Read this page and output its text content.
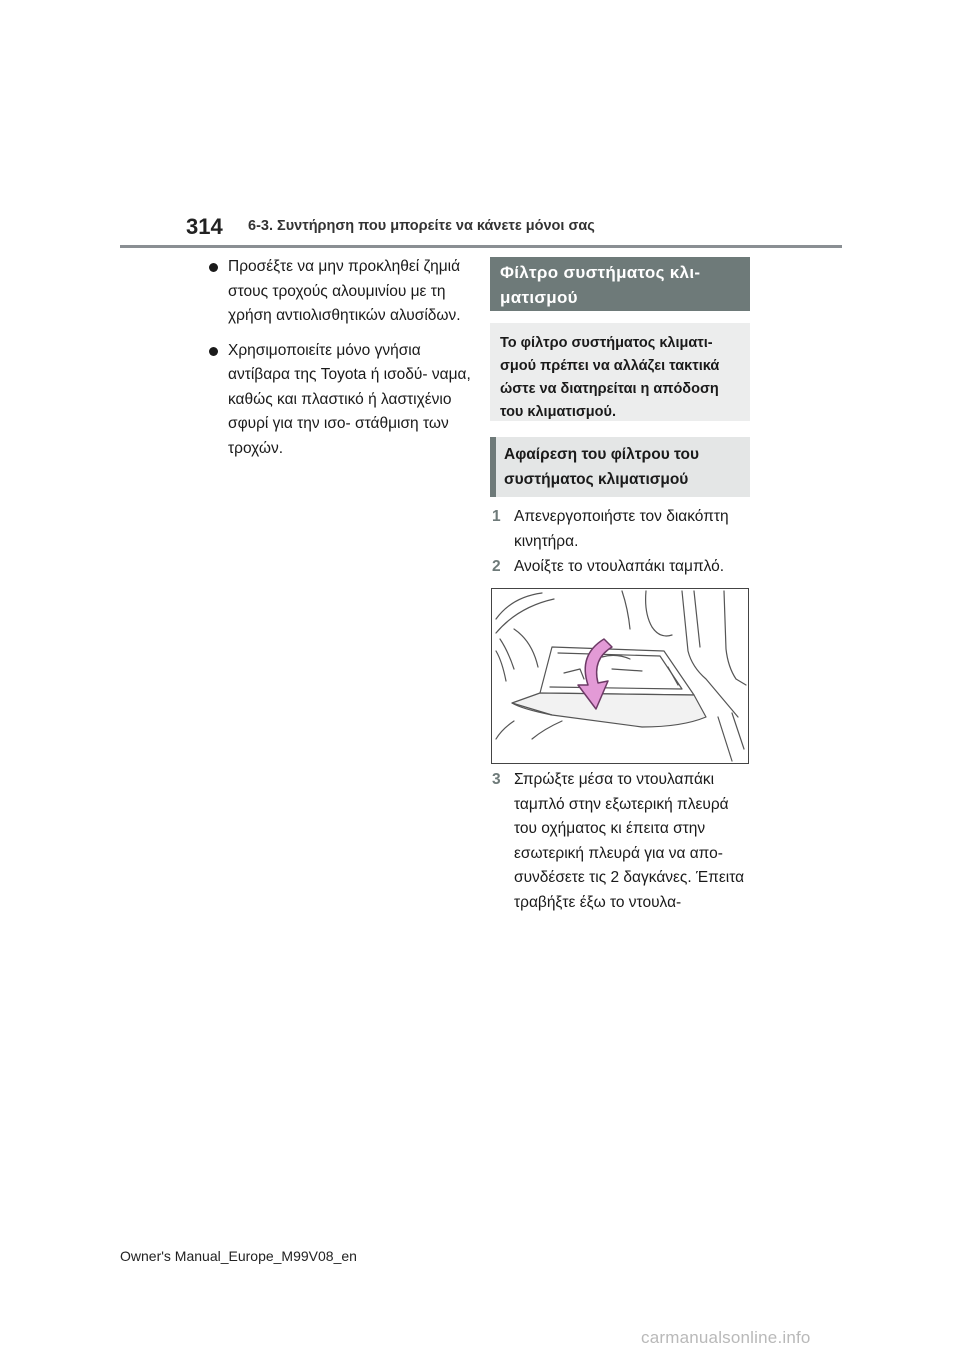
314 6-3. Συντήρηση που μπορείτε να κάνετε μόνοι σας
Προσέξτε να μην προκληθεί ζημιά στους τροχούς αλουμινίου με τη χρήση αντιολισθητικών αλυσίδων.
Χρησιμοποιείτε μόνο γνήσια αντίβαρα της Toyota ή ισοδύ- ναμα, καθώς και πλαστικό ή λαστιχένιο σφυρί για την ισο- στάθμιση των τροχών.
Φίλτρο συστήματος κλι- ματισμού
Το φίλτρο συστήματος κλιματι- σμού πρέπει να αλλάζει τακτικά ώστε να διατηρείται η απόδοση του κλιματισμού.
Αφαίρεση του φίλτρου του συστήματος κλιματισμού
1 Απενεργοποιήστε τον διακόπτη κινητήρα.
2 Ανοίξτε το ντουλαπάκι ταμπλό.
3 Σπρώξτε μέσα το ντουλαπάκι ταμπλό στην εξωτερική πλευρά του οχήματος κι έπειτα στην εσωτερική πλευρά για να απο- συνδέσετε τις 2 δαγκάνες. Έπειτα τραβήξτε έξω το ντουλα-
Owner's Manual_Europe_M99V08_en
carmanualsonline.info
